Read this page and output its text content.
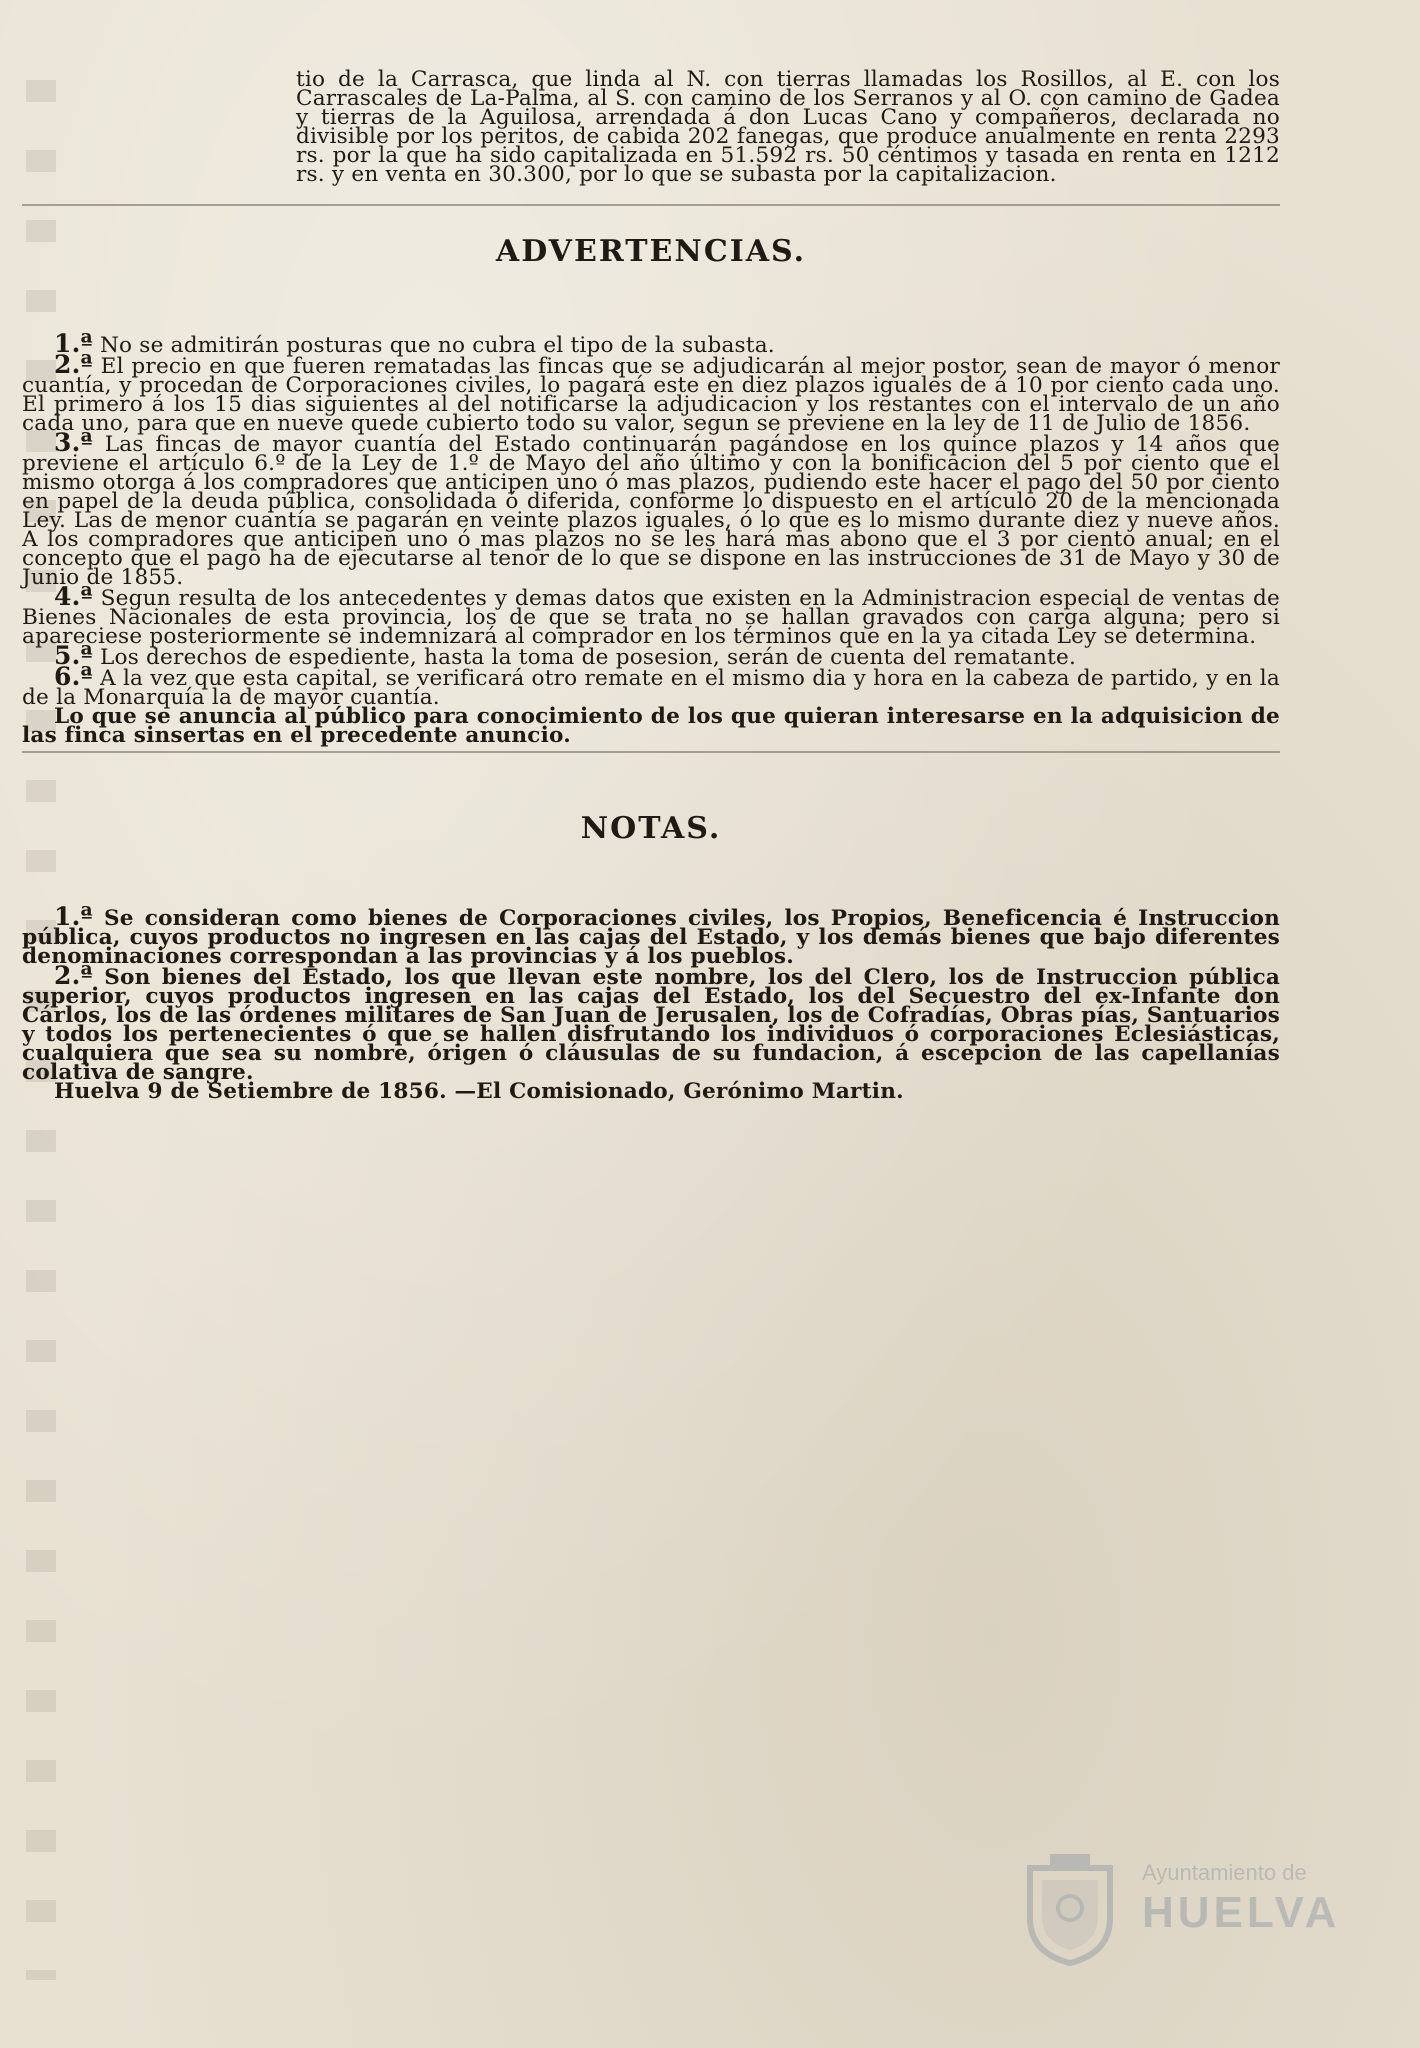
tio de la Carrasca, que linda al N. con tierras llamadas los Rosillos, al E. con los Carrascales de La-Palma, al S. con camino de los Serranos y al O. con camino de Gadea y tierras de la Aguilosa, arrendada á don Lucas Cano y compañeros, declarada no divisible por los peritos, de cabida 202 fanegas, que produce anualmente en renta 2293 rs. por la que ha sido capitalizada en 51.592 rs. 50 céntimos y tasada en renta en 1212 rs. y en venta en 30.300, por lo que se subasta por la capitalizacion.

ADVERTENCIAS.

1.ª No se admitirán posturas que no cubra el tipo de la subasta.

2.ª El precio en que fueren rematadas las fincas que se adjudicarán al mejor postor, sean de mayor ó menor cuantía, y procedan de Corporaciones civiles, lo pagará este en diez plazos iguales de á 10 por ciento cada uno. El primero á los 15 dias siguientes al del notificarse la adjudicacion y los restantes con el intervalo de un año cada uno, para que en nueve quede cubierto todo su valor, segun se previene en la ley de 11 de Julio de 1856.

3.ª Las fincas de mayor cuantía del Estado continuarán pagándose en los quince plazos y 14 años que previene el artículo 6.º de la Ley de 1.º de Mayo del año último y con la bonificacion del 5 por ciento que el mismo otorga á los compradores que anticipen uno ó mas plazos, pudiendo este hacer el pago del 50 por ciento en papel de la deuda pública, consolidada ó diferida, conforme lo dispuesto en el artículo 20 de la mencionada Ley. Las de menor cuantía se pagarán en veinte plazos iguales, ó lo que es lo mismo durante diez y nueve años. A los compradores que anticipen uno ó mas plazos no se les hará mas abono que el 3 por ciento anual; en el concepto que el pago ha de ejecutarse al tenor de lo que se dispone en las instrucciones de 31 de Mayo y 30 de Junio de 1855.

4.ª Segun resulta de los antecedentes y demas datos que existen en la Administracion especial de ventas de Bienes Nacionales de esta provincia, los de que se trata no se hallan gravados con carga alguna; pero si apareciese posteriormente se indemnizará al comprador en los términos que en la ya citada Ley se determina.

5.ª Los derechos de espediente, hasta la toma de posesion, serán de cuenta del rematante.

6.ª A la vez que esta capital, se verificará otro remate en el mismo dia y hora en la cabeza de partido, y en la de la Monarquía la de mayor cuantía.

Lo que se anuncia al público para conocimiento de los que quieran interesarse en la adquisicion de las finca sinsertas en el precedente anuncio.

NOTAS.

1.ª Se consideran como bienes de Corporaciones civiles, los Propios, Beneficencia é Instruccion pública, cuyos productos no ingresen en las cajas del Estado, y los demás bienes que bajo diferentes denominaciones correspondan á las provincias y á los pueblos.

2.ª Son bienes del Estado, los que llevan este nombre, los del Clero, los de Instruccion pública superior, cuyos productos ingresen en las cajas del Estado, los del Secuestro del ex-Infante don Cárlos, los de las órdenes militares de San Juan de Jerusalen, los de Cofradías, Obras pías, Santuarios y todos los pertenecientes ó que se hallen disfrutando los individuos ó corporaciones Eclesiásticas, cualquiera que sea su nombre, órigen ó cláusulas de su fundacion, á escepcion de las capellanías colativa de sangre.

Huelva 9 de Setiembre de 1856. —El Comisionado, Gerónimo Martin.

Ayuntamiento de
HUELVA
